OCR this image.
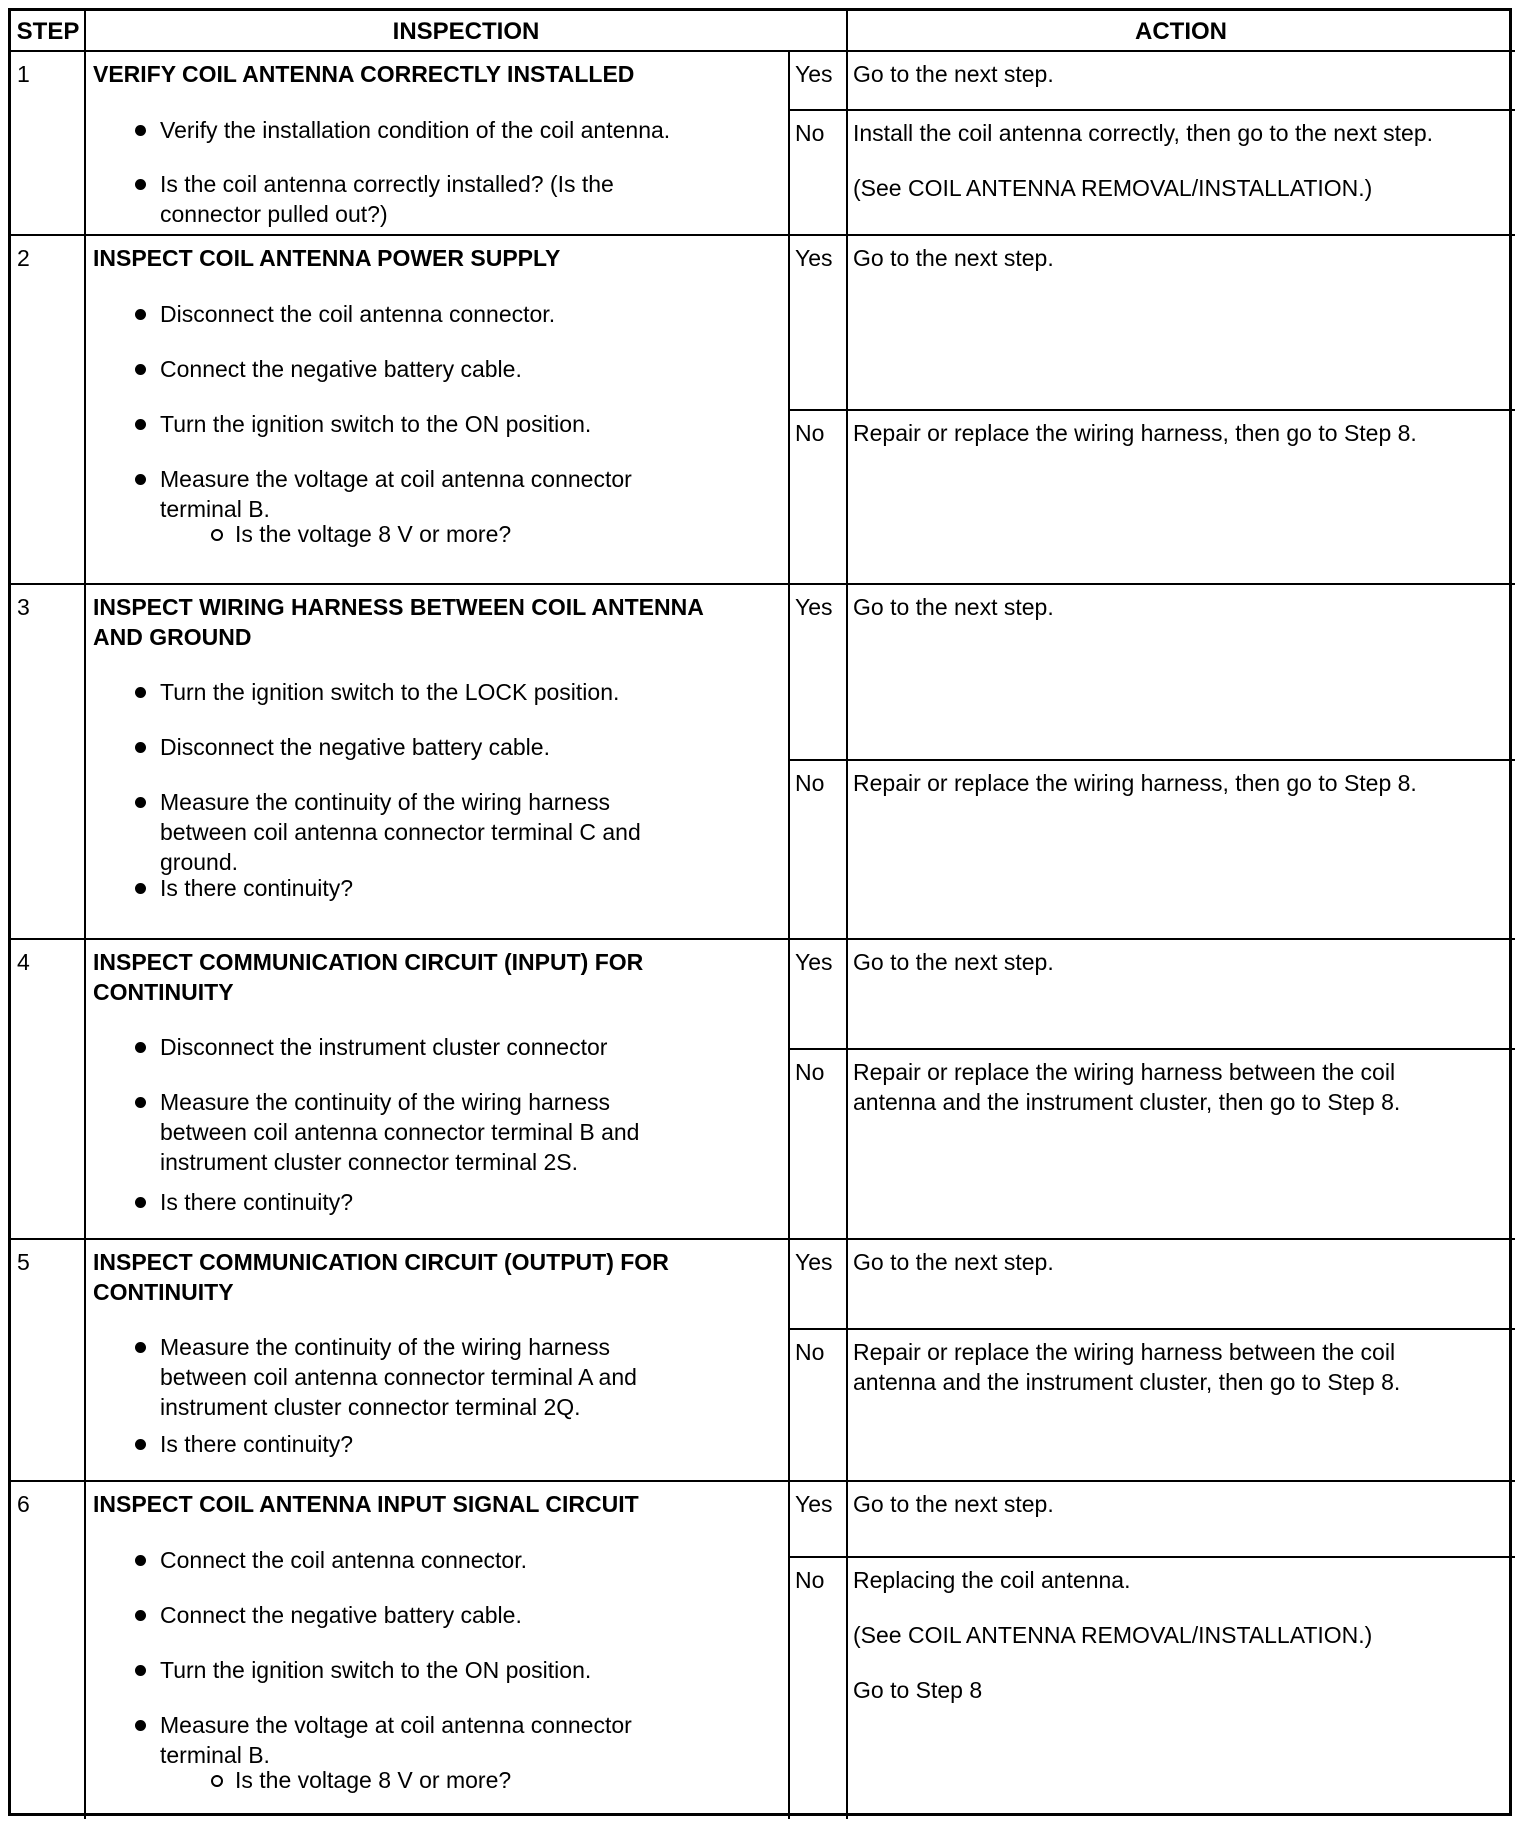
STEP	INSPECTION	ACTION
1	VERIFY COIL ANTENNA CORRECTLY INSTALLED
Verify the installation condition of the coil antenna.
Is the coil antenna correctly installed? (Is the
connector pulled out?)
Yes Go to the next step.
No Install the coil antenna correctly, then go to the next step.
(See COIL ANTENNA REMOVAL/INSTALLATION.)
2	INSPECT COIL ANTENNA POWER SUPPLY
Disconnect the coil antenna connector.
Connect the negative battery cable.
Turn the ignition switch to the ON position.
Measure the voltage at coil antenna connector
terminal B.
Is the voltage 8 V or more?
Yes Go to the next step.
No Repair or replace the wiring harness, then go to Step 8.
3	INSPECT WIRING HARNESS BETWEEN COIL ANTENNA
AND GROUND
Turn the ignition switch to the LOCK position.
Disconnect the negative battery cable.
Measure the continuity of the wiring harness
between coil antenna connector terminal C and
ground.
Is there continuity?
Yes Go to the next step.
No Repair or replace the wiring harness, then go to Step 8.
4	INSPECT COMMUNICATION CIRCUIT (INPUT) FOR
CONTINUITY
Disconnect the instrument cluster connector
Measure the continuity of the wiring harness
between coil antenna connector terminal B and
instrument cluster connector terminal 2S.
Is there continuity?
Yes Go to the next step.
No Repair or replace the wiring harness between the coil
antenna and the instrument cluster, then go to Step 8.
5	INSPECT COMMUNICATION CIRCUIT (OUTPUT) FOR
CONTINUITY
Measure the continuity of the wiring harness
between coil antenna connector terminal A and
instrument cluster connector terminal 2Q.
Is there continuity?
Yes Go to the next step.
No Repair or replace the wiring harness between the coil
antenna and the instrument cluster, then go to Step 8.
6	INSPECT COIL ANTENNA INPUT SIGNAL CIRCUIT
Connect the coil antenna connector.
Connect the negative battery cable.
Turn the ignition switch to the ON position.
Measure the voltage at coil antenna connector
terminal B.
Is the voltage 8 V or more?
Yes Go to the next step.
No Replacing the coil antenna.
(See COIL ANTENNA REMOVAL/INSTALLATION.)
Go to Step 8
